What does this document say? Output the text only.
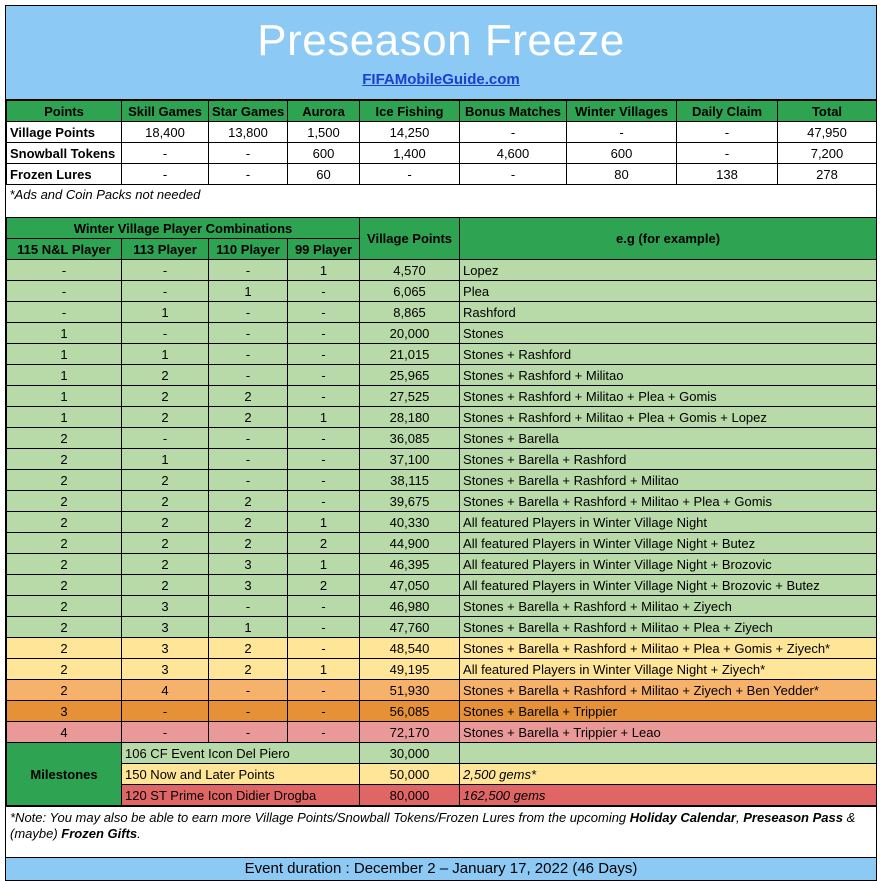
Preseason Freeze
FIFAMobileGuide.com
Points	Skill Games	Star Games	Aurora	Ice Fishing	Bonus Matches	Winter Villages	Daily Claim	Total
Village Points	18,400	13,800	1,500	14,250	-	-	-	47,950
Snowball Tokens	-	-	600	1,400	4,600	600	-	7,200
Frozen Lures	-	-	60	-	-	80	138	278
*Ads and Coin Packs not needed								
Winter Village Player Combinations				Village Points	e.g (for example)
115 N&L Player	113 Player	110 Player	99 Player		
-	-	-	1	4,570	Lopez
-	-	1	-	6,065	Plea
-	1	-	-	8,865	Rashford
1	-	-	-	20,000	Stones
1	1	-	-	21,015	Stones + Rashford
1	2	-	-	25,965	Stones + Rashford + Militao
1	2	2	-	27,525	Stones + Rashford + Militao + Plea + Gomis
1	2	2	1	28,180	Stones + Rashford + Militao + Plea + Gomis + Lopez
2	-	-	-	36,085	Stones + Barella
2	1	-	-	37,100	Stones + Barella + Rashford
2	2	-	-	38,115	Stones + Barella + Rashford + Militao
2	2	2	-	39,675	Stones + Barella + Rashford + Militao + Plea + Gomis
2	2	2	1	40,330	All featured Players in Winter Village Night
2	2	2	2	44,900	All featured Players in Winter Village Night + Butez
2	2	3	1	46,395	All featured Players in Winter Village Night + Brozovic
2	2	3	2	47,050	All featured Players in Winter Village Night + Brozovic + Butez
2	3	-	-	46,980	Stones + Barella + Rashford + Militao + Ziyech
2	3	1	-	47,760	Stones + Barella + Rashford + Militao + Plea + Ziyech
2	3	2	-	48,540	Stones + Barella + Rashford + Militao + Plea + Gomis + Ziyech*
2	3	2	1	49,195	All featured Players in Winter Village Night + Ziyech*
2	4	-	-	51,930	Stones + Barella + Rashford + Militao + Ziyech + Ben Yedder*
3	-	-	-	56,085	Stones + Barella + Trippier
4	-	-	-	72,170	Stones + Barella + Trippier + Leao
Milestones	106 CF Event Icon Del Piero			30,000	
	150 Now and Later Points			50,000	2,500 gems*
	120 ST Prime Icon Didier Drogba			80,000	162,500 gems
*Note: You may also be able to earn more Village Points/Snowball Tokens/Frozen Lures from the upcoming Holiday Calendar, Preseason Pass & (maybe) Frozen Gifts.
Event duration : December 2 – January 17, 2022 (46 Days)
